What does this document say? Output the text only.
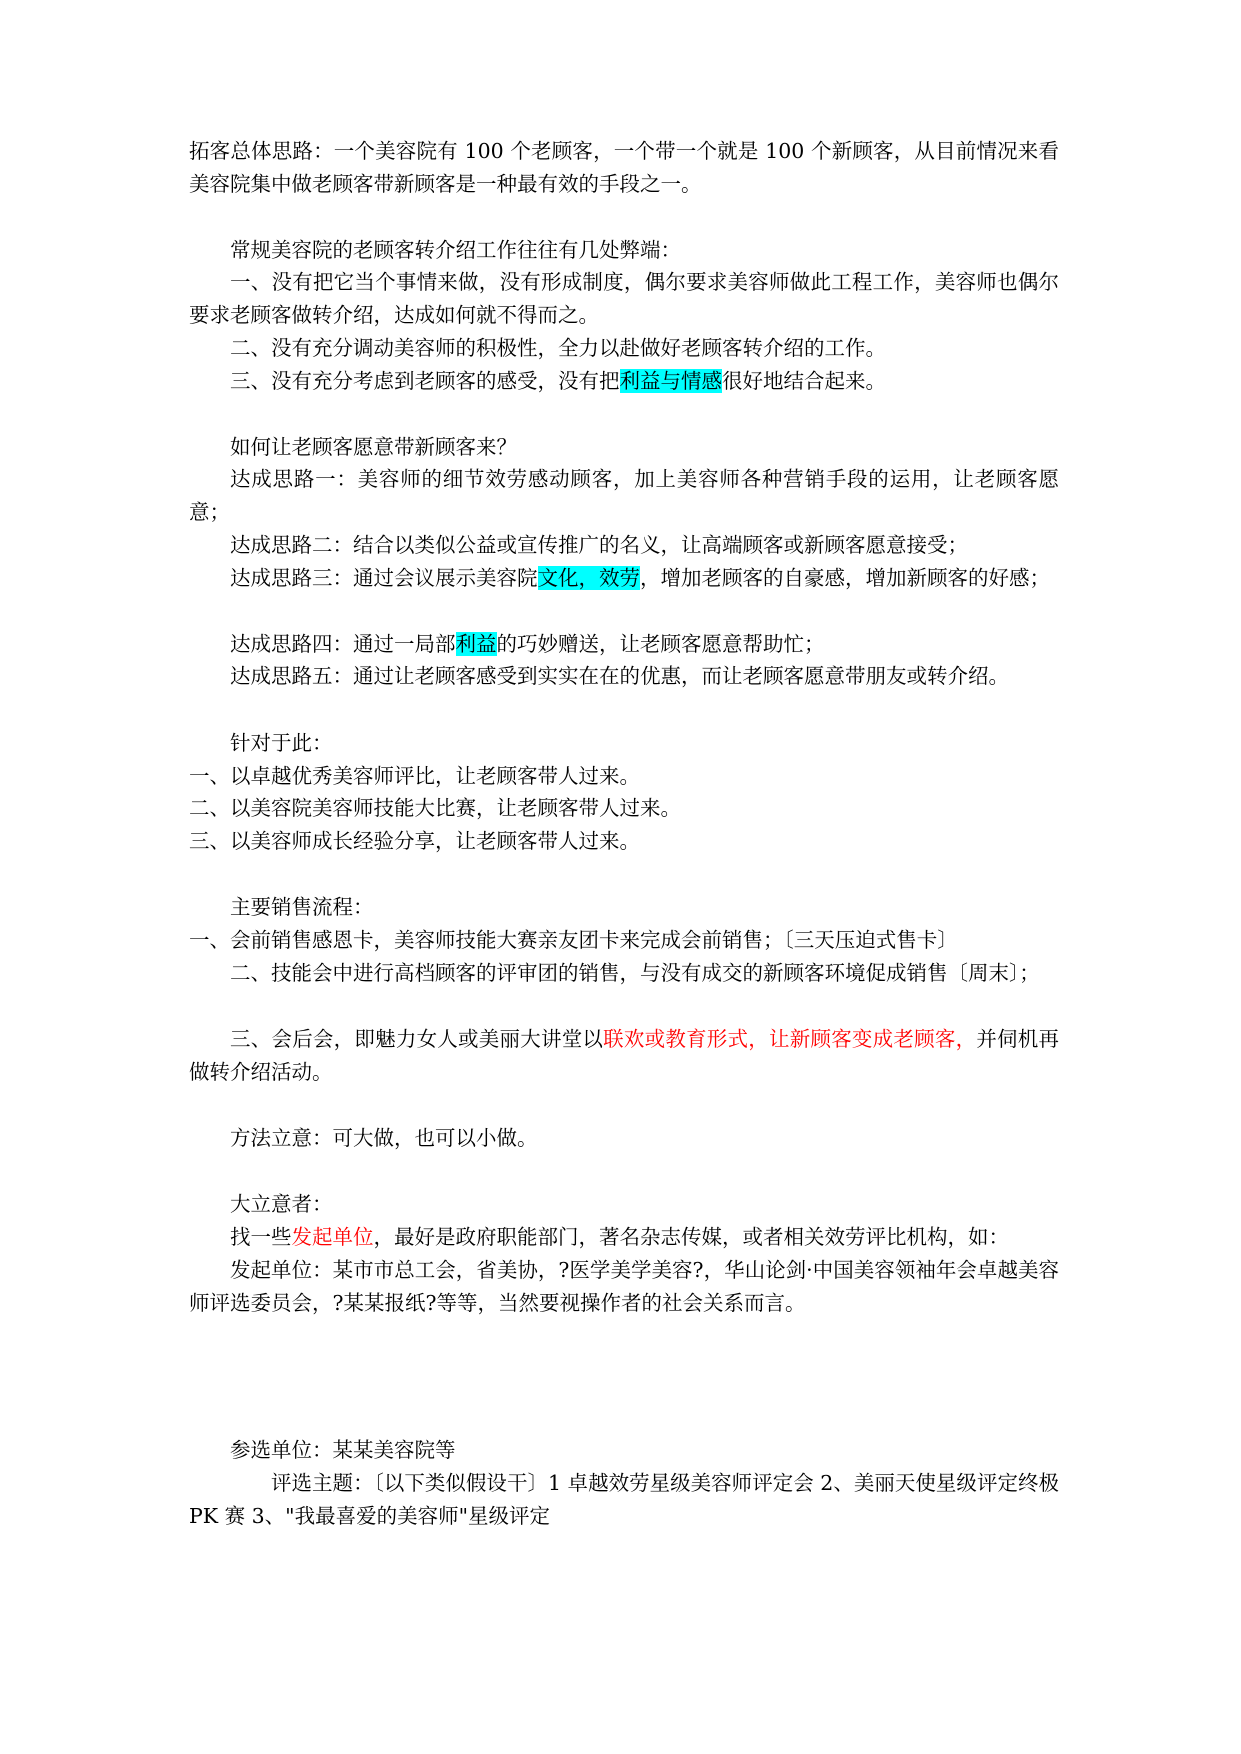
拓客总体思路：一个美容院有 100 个老顾客，一个带一个就是 100 个新顾客，从目前情况来看美容院集中做老顾客带新顾客是一种最有效的手段之一。
常规美容院的老顾客转介绍工作往往有几处弊端：
一、没有把它当个事情来做，没有形成制度，偶尔要求美容师做此工程工作，美容师也偶尔要求老顾客做转介绍，达成如何就不得而之。
二、没有充分调动美容师的积极性，全力以赴做好老顾客转介绍的工作。
三、没有充分考虑到老顾客的感受，没有把利益与情感很好地结合起来。
如何让老顾客愿意带新顾客来？
达成思路一：美容师的细节效劳感动顾客，加上美容师各种营销手段的运用，让老顾客愿意；
达成思路二：结合以类似公益或宣传推广的名义，让高端顾客或新顾客愿意接受；
达成思路三：通过会议展示美容院文化，效劳，增加老顾客的自豪感，增加新顾客的好感；
达成思路四：通过一局部利益的巧妙赠送，让老顾客愿意帮助忙；
达成思路五：通过让老顾客感受到实实在在的优惠，而让老顾客愿意带朋友或转介绍。
针对于此：
一、以卓越优秀美容师评比，让老顾客带人过来。
二、以美容院美容师技能大比赛，让老顾客带人过来。
三、以美容师成长经验分享，让老顾客带人过来。
主要销售流程：
一、会前销售感恩卡，美容师技能大赛亲友团卡来完成会前销售；〔三天压迫式售卡〕
二、技能会中进行高档顾客的评审团的销售，与没有成交的新顾客环境促成销售〔周末〕；
三、会后会，即魅力女人或美丽大讲堂以联欢或教育形式，让新顾客变成老顾客，并伺机再做转介绍活动。
方法立意：可大做，也可以小做。
大立意者：
找一些发起单位，最好是政府职能部门，著名杂志传媒，或者相关效劳评比机构，如：
发起单位：某市市总工会，省美协，?医学美学美容?，华山论剑·中国美容领袖年会卓越美容师评选委员会，?某某报纸?等等，当然要视操作者的社会关系而言。
参选单位：某某美容院等
评选主题：〔以下类似假设干〕1 卓越效劳星级美容师评定会 2、美丽天使星级评定终极 PK 赛 3、"我最喜爱的美容师"星级评定
